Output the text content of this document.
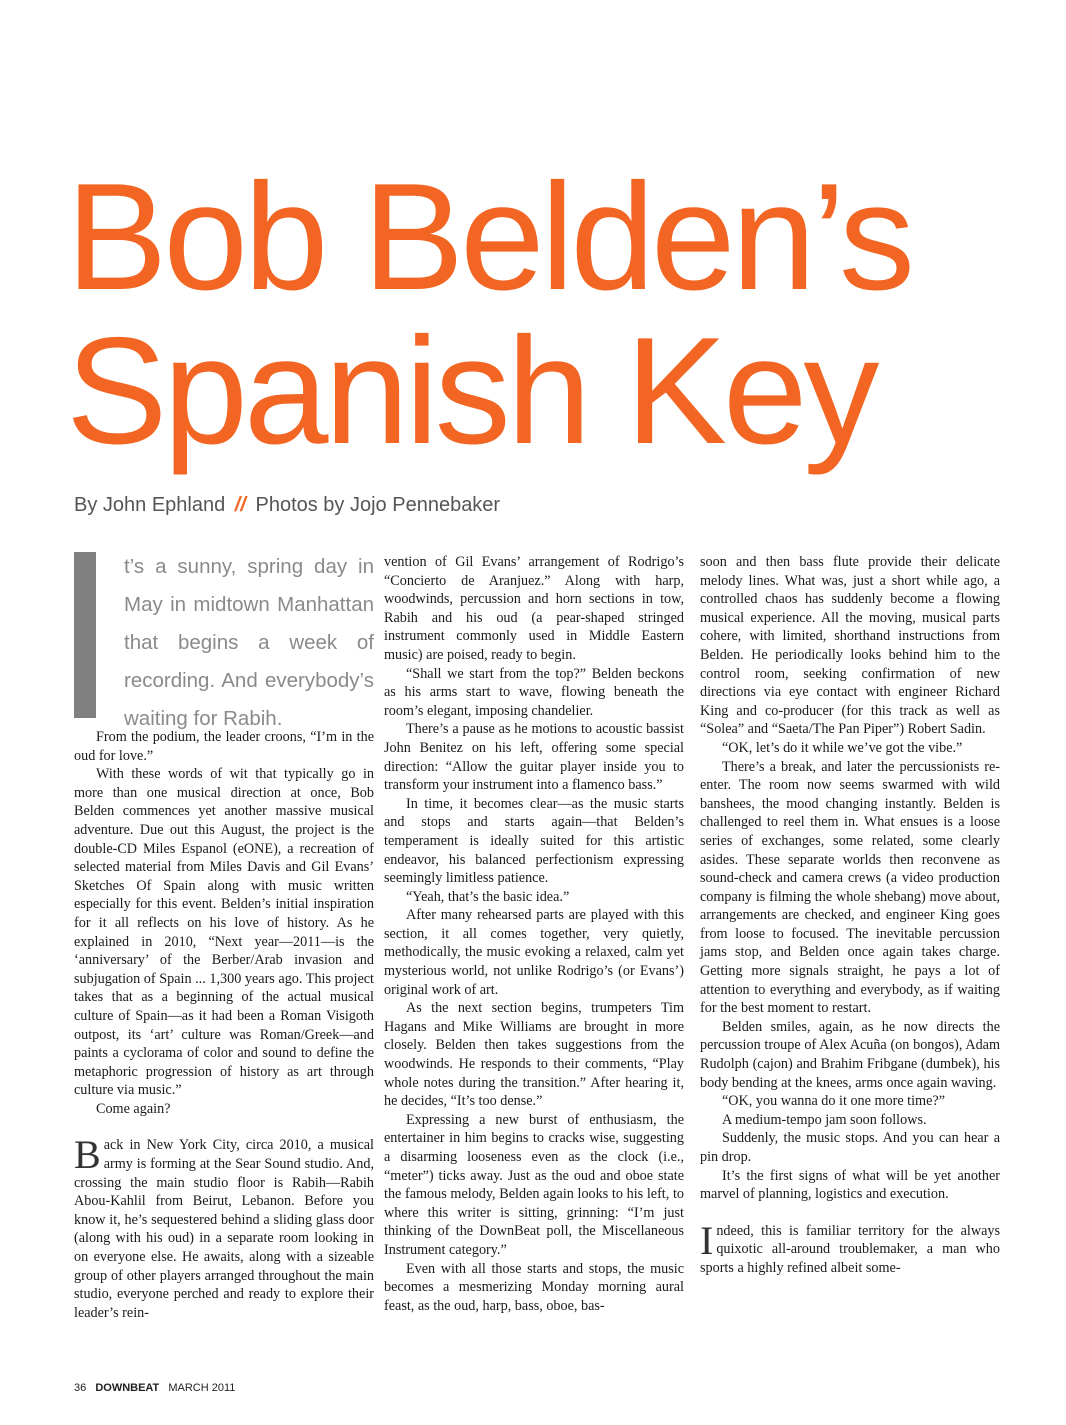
Bob Belden’s
Spanish Key
By John Ephland // Photos by Jojo Pennebaker

t’s a sunny, spring day in May in midtown Manhattan that begins a week of recording. And everybody’s waiting for Rabih.

From the podium, the leader croons, “I’m in the oud for love.”

With these words of wit that typically go in more than one musical direction at once, Bob Belden commences yet another massive musical adventure. Due out this August, the project is the double-CD Miles Espanol (eONE), a recreation of selected material from Miles Davis and Gil Evans’ Sketches Of Spain along with music written especially for this event. Belden’s initial inspiration for it all reflects on his love of history. As he explained in 2010, “Next year—2011—is the ‘anniversary’ of the Berber/Arab invasion and subjugation of Spain ... 1,300 years ago. This project takes that as a beginning of the actual musical culture of Spain—as it had been a Roman Visigoth outpost, its ‘art’ culture was Roman/Greek—and paints a cyclorama of color and sound to define the metaphoric progression of history as art through culture via music.”

Come again?

Back in New York City, circa 2010, a musical army is forming at the Sear Sound studio. And, crossing the main studio floor is Rabih—Rabih Abou-Kahlil from Beirut, Lebanon. Before you know it, he’s sequestered behind a sliding glass door (along with his oud) in a separate room looking in on everyone else. He awaits, along with a sizeable group of other players arranged throughout the main studio, everyone perched and ready to explore their leader’s rein-

vention of Gil Evans’ arrangement of Rodrigo’s “Concierto de Aranjuez.” Along with harp, woodwinds, percussion and horn sections in tow, Rabih and his oud (a pear-shaped stringed instrument commonly used in Middle Eastern music) are poised, ready to begin.

“Shall we start from the top?” Belden beckons as his arms start to wave, flowing beneath the room’s elegant, imposing chandelier.

There’s a pause as he motions to acoustic bassist John Benitez on his left, offering some special direction: “Allow the guitar player inside you to transform your instrument into a flamenco bass.”

In time, it becomes clear—as the music starts and stops and starts again—that Belden’s temperament is ideally suited for this artistic endeavor, his balanced perfectionism expressing seemingly limitless patience.

“Yeah, that’s the basic idea.”

After many rehearsed parts are played with this section, it all comes together, very quietly, methodically, the music evoking a relaxed, calm yet mysterious world, not unlike Rodrigo’s (or Evans’) original work of art.

As the next section begins, trumpeters Tim Hagans and Mike Williams are brought in more closely. Belden then takes suggestions from the woodwinds. He responds to their comments, “Play whole notes during the transition.” After hearing it, he decides, “It’s too dense.”

Expressing a new burst of enthusiasm, the entertainer in him begins to cracks wise, suggesting a disarming looseness even as the clock (i.e., “meter”) ticks away. Just as the oud and oboe state the famous melody, Belden again looks to his left, to where this writer is sitting, grinning: “I’m just thinking of the DownBeat poll, the Miscellaneous Instrument category.”

Even with all those starts and stops, the music becomes a mesmerizing Monday morning aural feast, as the oud, harp, bass, oboe, bas-

soon and then bass flute provide their delicate melody lines. What was, just a short while ago, a controlled chaos has suddenly become a flowing musical experience. All the moving, musical parts cohere, with limited, shorthand instructions from Belden. He periodically looks behind him to the control room, seeking confirmation of new directions via eye contact with engineer Richard King and co-producer (for this track as well as “Solea” and “Saeta/The Pan Piper”) Robert Sadin.

“OK, let’s do it while we’ve got the vibe.”

There’s a break, and later the percussionists re-enter. The room now seems swarmed with wild banshees, the mood changing instantly. Belden is challenged to reel them in. What ensues is a loose series of exchanges, some related, some clearly asides. These separate worlds then reconvene as sound-check and camera crews (a video production company is filming the whole shebang) move about, arrangements are checked, and engineer King goes from loose to focused. The inevitable percussion jams stop, and Belden once again takes charge. Getting more signals straight, he pays a lot of attention to everything and everybody, as if waiting for the best moment to restart.

Belden smiles, again, as he now directs the percussion troupe of Alex Acuña (on bongos), Adam Rudolph (cajon) and Brahim Fribgane (dumbek), his body bending at the knees, arms once again waving.

“OK, you wanna do it one more time?”

A medium-tempo jam soon follows.

Suddenly, the music stops. And you can hear a pin drop.

It’s the first signs of what will be yet another marvel of planning, logistics and execution.

Indeed, this is familiar territory for the always quixotic all-around troublemaker, a man who sports a highly refined albeit some-

36 DOWNBEAT MARCH 2011
